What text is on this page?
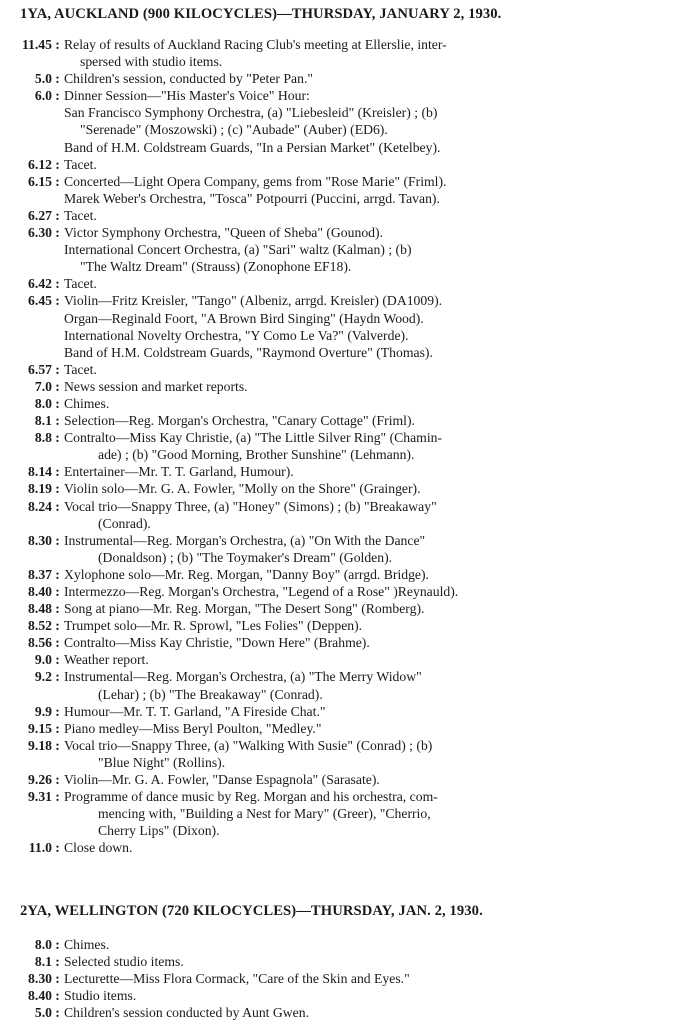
1YA, AUCKLAND (900 KILOCYCLES)—THURSDAY, JANUARY 2, 1930.
11.45 : Relay of results of Auckland Racing Club's meeting at Ellerslie, inter-
spersed with studio items.
5.0 : Children's session, conducted by "Peter Pan."
6.0 : Dinner Session—"His Master's Voice" Hour:
San Francisco Symphony Orchestra, (a) "Liebesleid" (Kreisler) ; (b)
"Serenade" (Moszowski) ; (c) "Aubade" (Auber) (ED6).
Band of H.M. Coldstream Guards, "In a Persian Market" (Ketelbey).
6.12 : Tacet.
6.15 : Concerted—Light Opera Company, gems from "Rose Marie" (Friml).
Marek Weber's Orchestra, "Tosca" Potpourri (Puccini, arrgd. Tavan).
6.27 : Tacet.
6.30 : Victor Symphony Orchestra, "Queen of Sheba" (Gounod).
International Concert Orchestra, (a) "Sari" waltz (Kalman) ; (b)
"The Waltz Dream" (Strauss) (Zonophone EF18).
6.42 : Tacet.
6.45 : Violin—Fritz Kreisler, "Tango" (Albeniz, arrgd. Kreisler) (DA1009).
Organ—Reginald Foort, "A Brown Bird Singing" (Haydn Wood).
International Novelty Orchestra, "Y Como Le Va?" (Valverde).
Band of H.M. Coldstream Guards, "Raymond Overture" (Thomas).
6.57 : Tacet.
7.0 : News session and market reports.
8.0 : Chimes.
8.1 : Selection—Reg. Morgan's Orchestra, "Canary Cottage" (Friml).
8.8 : Contralto—Miss Kay Christie, (a) "The Little Silver Ring" (Chamin-
ade) ; (b) "Good Morning, Brother Sunshine" (Lehmann).
8.14 : Entertainer—Mr. T. T. Garland, Humour).
8.19 : Violin solo—Mr. G. A. Fowler, "Molly on the Shore" (Grainger).
8.24 : Vocal trio—Snappy Three, (a) "Honey" (Simons) ; (b) "Breakaway"
(Conrad).
8.30 : Instrumental—Reg. Morgan's Orchestra, (a) "On With the Dance"
(Donaldson) ; (b) "The Toymaker's Dream" (Golden).
8.37 : Xylophone solo—Mr. Reg. Morgan, "Danny Boy" (arrgd. Bridge).
8.40 : Intermezzo—Reg. Morgan's Orchestra, "Legend of a Rose" )Reynauld).
8.48 : Song at piano—Mr. Reg. Morgan, "The Desert Song" (Romberg).
8.52 : Trumpet solo—Mr. R. Sprowl, "Les Folies" (Deppen).
8.56 : Contralto—Miss Kay Christie, "Down Here" (Brahme).
9.0 : Weather report.
9.2 : Instrumental—Reg. Morgan's Orchestra, (a) "The Merry Widow"
(Lehar) ; (b) "The Breakaway" (Conrad).
9.9 : Humour—Mr. T. T. Garland, "A Fireside Chat."
9.15 : Piano medley—Miss Beryl Poulton, "Medley."
9.18 : Vocal trio—Snappy Three, (a) "Walking With Susie" (Conrad) ; (b)
"Blue Night" (Rollins).
9.26 : Violin—Mr. G. A. Fowler, "Danse Espagnola" (Sarasate).
9.31 : Programme of dance music by Reg. Morgan and his orchestra, com-
mencing with, "Building a Nest for Mary" (Greer), "Cherrio,
Cherry Lips" (Dixon).
11.0 : Close down.
2YA, WELLINGTON (720 KILOCYCLES)—THURSDAY, JAN. 2, 1930.
8.0 : Chimes.
8.1 : Selected studio items.
8.30 : Lecturette—Miss Flora Cormack, "Care of the Skin and Eyes."
8.40 : Studio items.
5.0 : Children's session conducted by Aunt Gwen.
